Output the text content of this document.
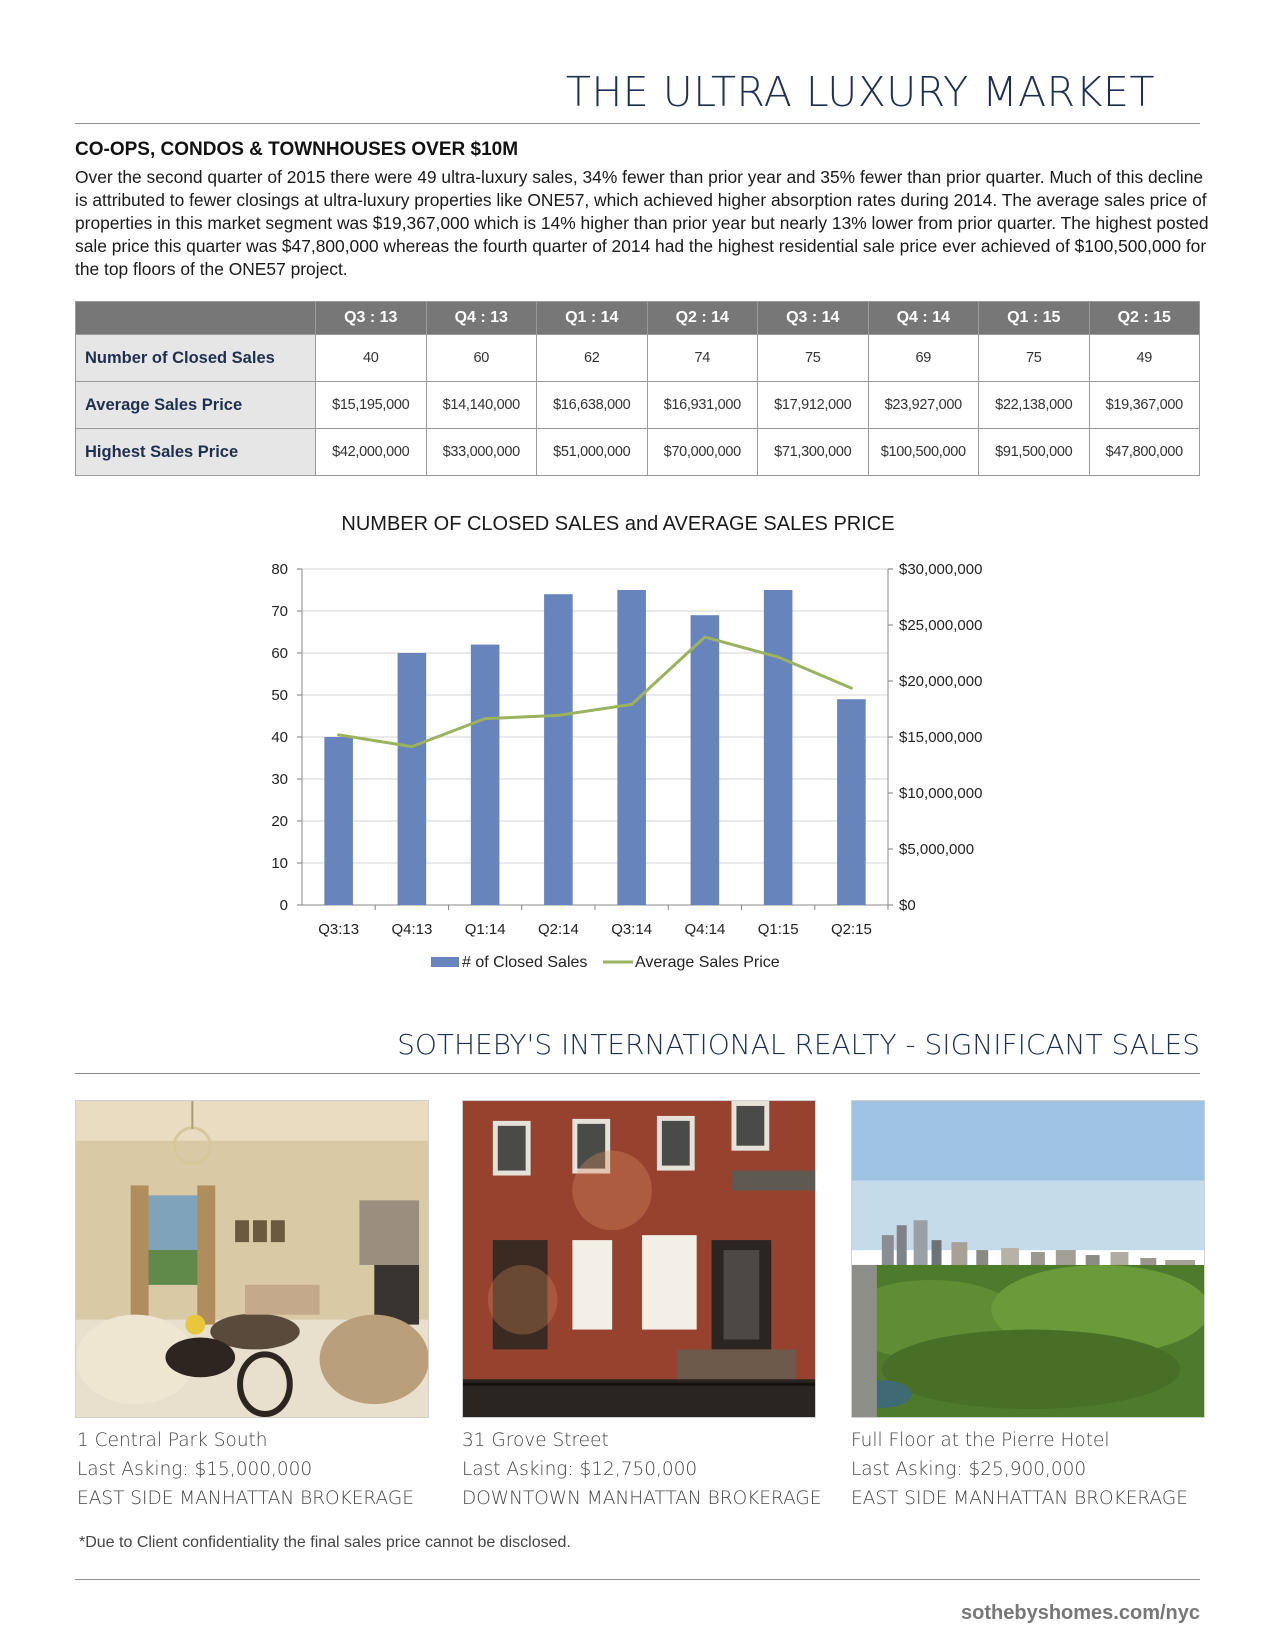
THE ULTRA LUXURY MARKET
CO-OPS, CONDOS & TOWNHOUSES OVER $10M

Over the second quarter of 2015 there were 49 ultra-luxury sales, 34% fewer than prior year and 35% fewer than prior quarter. Much of this decline is attributed to fewer closings at ultra-luxury properties like ONE57, which achieved higher absorption rates during 2014. The average sales price of properties in this market segment was $19,367,000 which is 14% higher than prior year but nearly 13% lower from prior quarter. The highest posted sale price this quarter was $47,800,000 whereas the fourth quarter of 2014 had the highest residential sale price ever achieved of $100,500,000 for the top floors of the ONE57 project.

	Q3 : 13	Q4 : 13	Q1 : 14	Q2 : 14	Q3 : 14	Q4 : 14	Q1 : 15	Q2 : 15
Number of Closed Sales	40	60	62	74	75	69	75	49
Average Sales Price	$15,195,000	$14,140,000	$16,638,000	$16,931,000	$17,912,000	$23,927,000	$22,138,000	$19,367,000
Highest Sales Price	$42,000,000	$33,000,000	$51,000,000	$70,000,000	$71,300,000	$100,500,000	$91,500,000	$47,800,000
NUMBER OF CLOSED SALES and AVERAGE SALES PRICE
0
10
20
30
40
50
60
70
80
$0
$5,000,000
$10,000,000
$15,000,000
$20,000,000
$25,000,000
$30,000,000
Q3:13 Q4:13 Q1:14 Q2:14 Q3:14 Q4:14 Q1:15 Q2:15
# of Closed Sales	Average Sales Price
SOTHEBY'S INTERNATIONAL REALTY - SIGNIFICANT SALES
1 Central Park South
Last Asking: $15,000,000
EAST SIDE MANHATTAN BROKERAGE
31 Grove Street
Last Asking: $12,750,000
DOWNTOWN MANHATTAN BROKERAGE
Full Floor at the Pierre Hotel
Last Asking: $25,900,000
EAST SIDE MANHATTAN BROKERAGE
*Due to Client confidentiality the final sales price cannot be disclosed.
sothebyshomes.com/nyc
